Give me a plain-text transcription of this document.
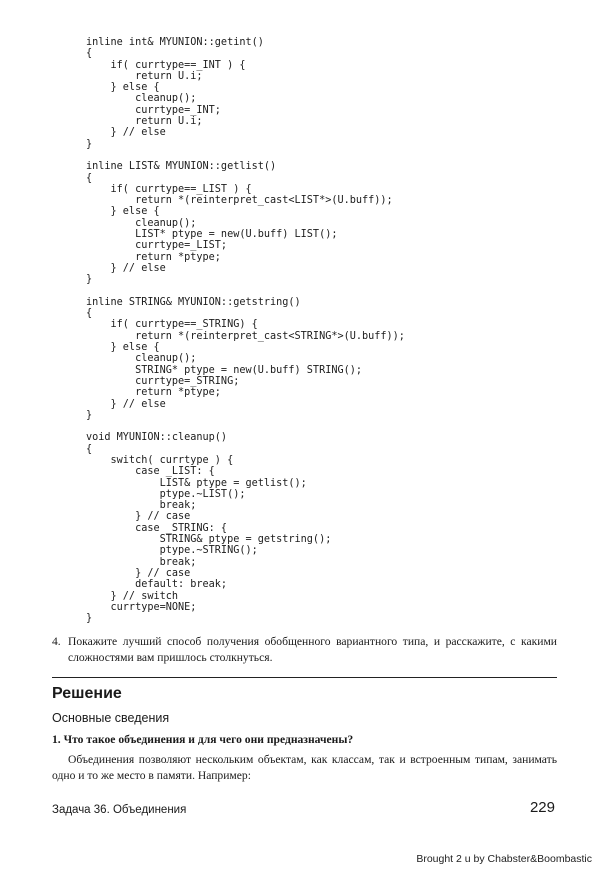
inline int& MYUNION::getint()
{
if( currtype==_INT ) {
return U.i;
} else {
cleanup();
currtype=_INT;
return U.i;
} // else
}

inline LIST& MYUNION::getlist()
{
if( currtype==_LIST ) {
return *(reinterpret_cast<LIST*>(U.buff));
} else {
cleanup();
LIST* ptype = new(U.buff) LIST();
currtype=_LIST;
return *ptype;
} // else
}

inline STRING& MYUNION::getstring()
{
if( currtype==_STRING) {
return *(reinterpret_cast<STRING*>(U.buff));
} else {
cleanup();
STRING* ptype = new(U.buff) STRING();
currtype=_STRING;
return *ptype;
} // else
}

void MYUNION::cleanup()
{
switch( currtype ) {
case _LIST: {
LIST& ptype = getlist();
ptype.~LIST();
break;
} // case
case _STRING: {
STRING& ptype = getstring();
ptype.~STRING();
break;
} // case
default: break;
} // switch
currtype=NONE;
}
4. Покажите лучший способ получения обобщенного вариантного типа, и расскажите, с какими сложностями вам пришлось столкнуться.
Решение
Основные сведения
1. Что такое объединения и для чего они предназначены?
Объединения позволяют нескольким объектам, как классам, так и встроенным типам, занимать одно и то же место в памяти. Например:
Задача 36. Объединения	229
Brought 2 u by Chabster&Boombastic
